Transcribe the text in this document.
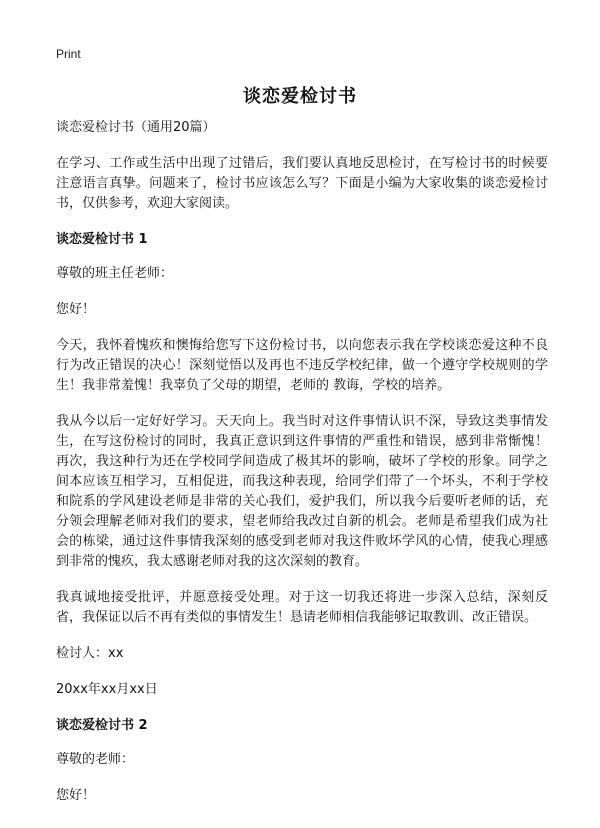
Print
谈恋爱检讨书

谈恋爱检讨书（通用20篇）

在学习、工作或生活中出现了过错后，我们要认真地反思检讨，在写检讨书的时候要注意语言真挚。问题来了，检讨书应该怎么写？下面是小编为大家收集的谈恋爱检讨书，仅供参考，欢迎大家阅读。

谈恋爱检讨书 1

尊敬的班主任老师：

您好！

今天，我怀着愧疚和懊悔给您写下这份检讨书，以向您表示我在学校谈恋爱这种不良行为改正错误的决心！深刻觉悟以及再也不违反学校纪律，做一个遵守学校规则的学生！我非常羞愧！我辜负了父母的期望，老师的 教诲，学校的培养。

我从今以后一定好好学习。天天向上。我当时对这件事情认识不深，导致这类事情发生，在写这份检讨的同时，我真正意识到这件事情的严重性和错误，感到非常惭愧！再次，我这种行为还在学校同学间造成了极其坏的影响，破坏了学校的形象。同学之间本应该互相学习，互相促进，而我这种表现，给同学们带了一个坏头，不利于学校和院系的学风建设老师是非常的关心我们，爱护我们，所以我今后要听老师的话，充分领会理解老师对我们的要求，望老师给我改过自新的机会。老师是希望我们成为社会的栋梁，通过这件事情我深刻的感受到老师对我这件败坏学风的心情，使我心理感到非常的愧疚，我太感谢老师对我的这次深刻的教育。

我真诚地接受批评，并愿意接受处理。对于这一切我还将进一步深入总结，深刻反省，我保证以后不再有类似的事情发生！恳请老师相信我能够记取教训、改正错误。

检讨人：xx

20xx年xx月xx日

谈恋爱检讨书 2

尊敬的老师：

您好！
